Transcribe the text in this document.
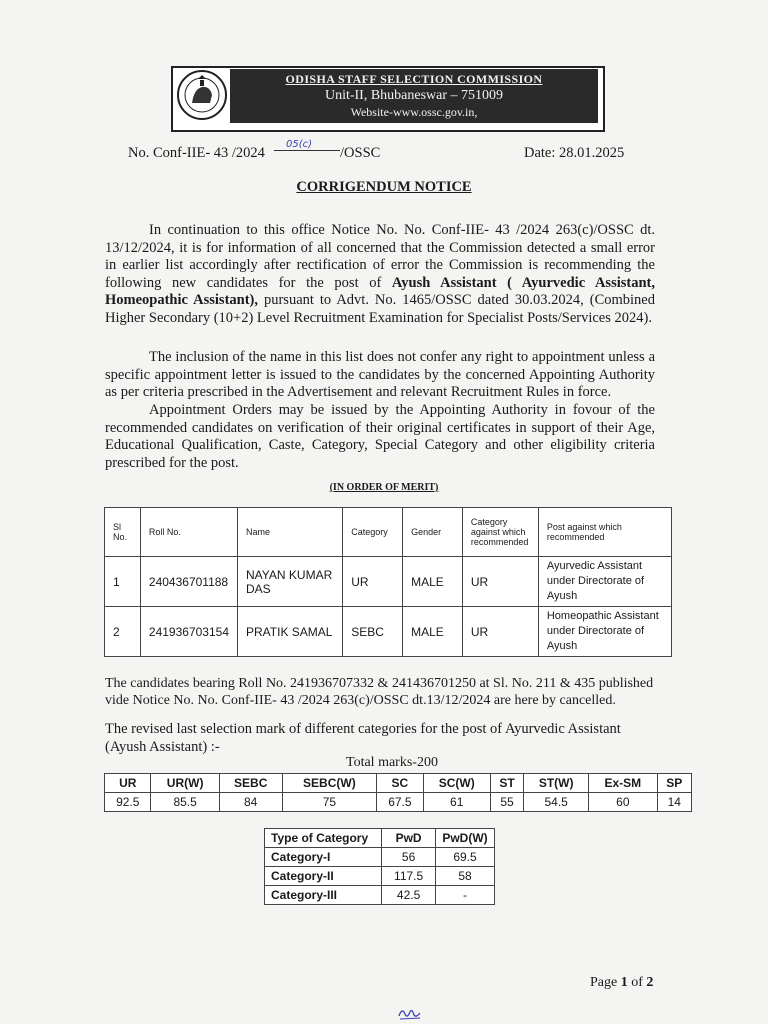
ODISHA STAFF SELECTION COMMISSION
Unit-II, Bhubaneswar – 751009
Website-www.ossc.gov.in,
No. Conf-IIE- 43 /2024
05(c)
/OSSC	Date: 28.01.2025
CORRIGENDUM NOTICE
In continuation to this office Notice No. No. Conf-IIE- 43 /2024 263(c)/OSSC dt. 13/12/2024, it is for information of all concerned that the Commission detected a small error in earlier list accordingly after rectification of error the Commission is recommending the following new candidates for the post of Ayush Assistant ( Ayurvedic Assistant, Homeopathic Assistant), pursuant to Advt. No. 1465/OSSC dated 30.03.2024, (Combined Higher Secondary (10+2) Level Recruitment Examination for Specialist Posts/Services 2024).
The inclusion of the name in this list does not confer any right to appointment unless a specific appointment letter is issued to the candidates by the concerned Appointing Authority as per criteria prescribed in the Advertisement and relevant Recruitment Rules in force.
Appointment Orders may be issued by the Appointing Authority in fovour of the recommended candidates on verification of their original certificates in support of their Age, Educational Qualification, Caste, Category, Special Category and other eligibility criteria prescribed for the post.
(IN ORDER OF MERIT)
Sl No.	Roll No.	Name	Category	Gender	Category against which recommended	Post against which recommended
1	240436701188	NAYAN KUMAR DAS	UR	MALE	UR	Ayurvedic Assistant under Directorate of Ayush
2	241936703154	PRATIK SAMAL	SEBC	MALE	UR	Homeopathic Assistant under Directorate of Ayush
The candidates bearing Roll No. 241936707332 & 241436701250 at Sl. No. 211 & 435 published vide Notice No. No. Conf-IIE- 43 /2024 263(c)/OSSC dt.13/12/2024 are here by cancelled.
The revised last selection mark of different categories for the post of Ayurvedic Assistant (Ayush Assistant) :-
Total marks-200
UR	UR(W)	SEBC	SEBC(W)	SC	SC(W)	ST	ST(W)	Ex-SM	SP
92.5	85.5	84	75	67.5	61	55	54.5	60	14
Type of Category	PwD	PwD(W)
Category-I	56	69.5
Category-II	117.5	58
Category-III	42.5	-
Page 1 of 2
